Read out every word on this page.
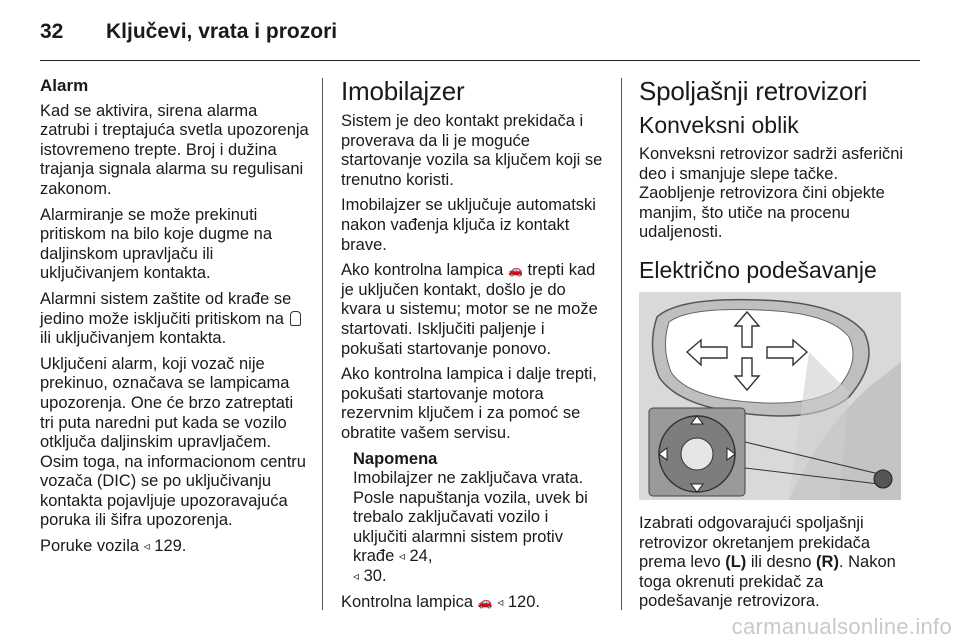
32	Ključevi, vrata i prozori

Alarm

Kad se aktivira, sirena alarma zatrubi i treptajuća svetla upozorenja istovremeno trepte. Broj i dužina trajanja signala alarma su regulisani zakonom.

Alarmiranje se može prekinuti pritiskom na bilo koje dugme na daljinskom upravljaču ili uključivanjem kontakta.

Alarmni sistem zaštite od krađe se jedino može isključiti pritiskom na  ili uključivanjem kontakta.

Uključeni alarm, koji vozač nije prekinuo, označava se lampicama upozorenja. One će brzo zatreptati tri puta naredni put kada se vozilo otključa daljinskim upravljačem. Osim toga, na informacionom centru vozača (DIC) se po uključivanju kontakta pojavljuje upozoravajuća poruka ili šifra upozorenja.

Poruke vozila ◃ 129.

Imobilajzer

Sistem je deo kontakt prekidača i proverava da li je moguće startovanje vozila sa ključem koji se trenutno koristi.

Imobilajzer se uključuje automatski nakon vađenja ključa iz kontakt brave.

Ako kontrolna lampica 🚗 trepti kad je uključen kontakt, došlo je do kvara u sistemu; motor se ne može startovati. Isključiti paljenje i pokušati startovanje ponovo.

Ako kontrolna lampica i dalje trepti, pokušati startovanje motora rezervnim ključem i za pomoć se obratite vašem servisu.

Napomena

Imobilajzer ne zaključava vrata. Posle napuštanja vozila, uvek bi trebalo zaključavati vozilo i uključiti alarmni sistem protiv krađe ◃ 24,
◃ 30.

Kontrolna lampica 🚗 ◃ 120.

Spoljašnji retrovizori

Konveksni oblik

Konveksni retrovizor sadrži asferični deo i smanjuje slepe tačke. Zaobljenje retrovizora čini objekte manjim, što utiče na procenu udaljenosti.

Električno podešavanje

Izabrati odgovarajući spoljašnji retrovizor okretanjem prekidača prema levo (L) ili desno (R). Nakon toga okrenuti prekidač za podešavanje retrovizora.

carmanualsonline.info
